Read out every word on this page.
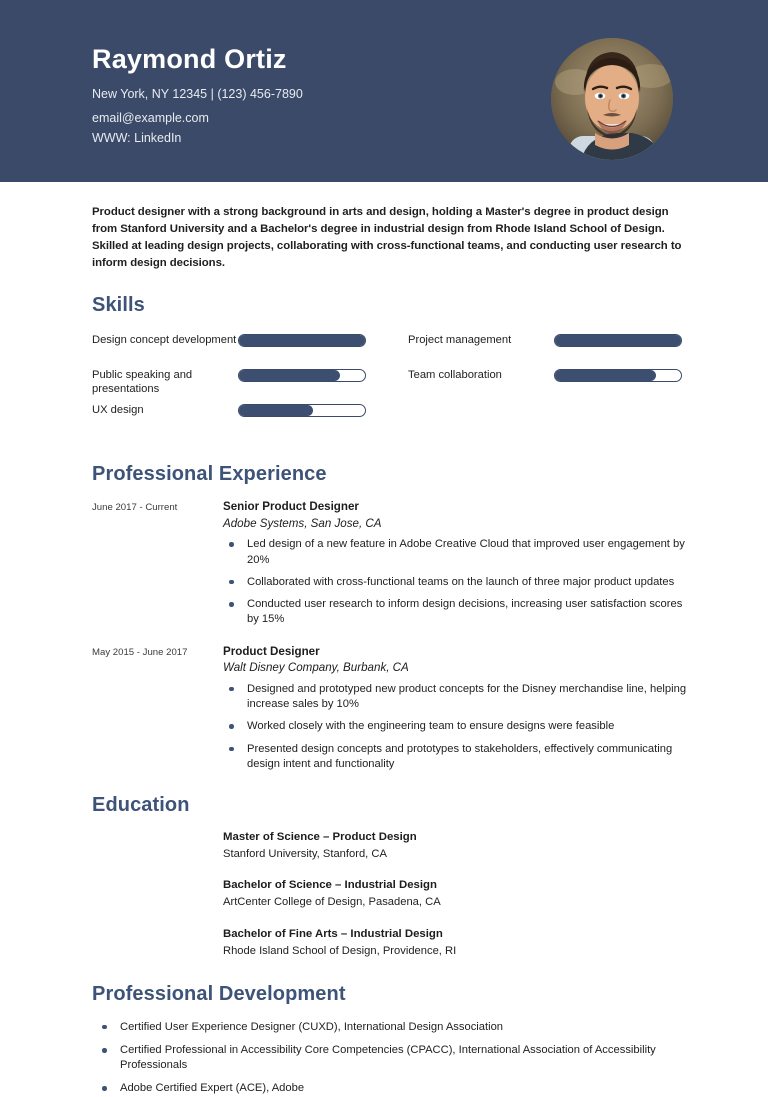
Raymond Ortiz
New York, NY 12345 | (123) 456-7890
email@example.com
WWW: LinkedIn

Product designer with a strong background in arts and design, holding a Master's degree in product design from Stanford University and a Bachelor's degree in industrial design from Rhode Island School of Design. Skilled at leading design projects, collaborating with cross-functional teams, and conducting user research to inform design decisions.

Skills
Design concept development
Public speaking and presentations
UX design
Project management
Team collaboration
Professional Experience
June 2017 - Current	Senior Product Designer
Adobe Systems, San Jose, CA
Led design of a new feature in Adobe Creative Cloud that improved user engagement by 20%
Collaborated with cross-functional teams on the launch of three major product updates
Conducted user research to inform design decisions, increasing user satisfaction scores by 15%
May 2015 - June 2017	Product Designer
Walt Disney Company, Burbank, CA
Designed and prototyped new product concepts for the Disney merchandise line, helping increase sales by 10%
Worked closely with the engineering team to ensure designs were feasible
Presented design concepts and prototypes to stakeholders, effectively communicating design intent and functionality
Education
Master of Science – Product Design
Stanford University, Stanford, CA
Bachelor of Science – Industrial Design
ArtCenter College of Design, Pasadena, CA
Bachelor of Fine Arts – Industrial Design
Rhode Island School of Design, Providence, RI
Professional Development
Certified User Experience Designer (CUXD), International Design Association
Certified Professional in Accessibility Core Competencies (CPACC), International Association of Accessibility Professionals
Adobe Certified Expert (ACE), Adobe
